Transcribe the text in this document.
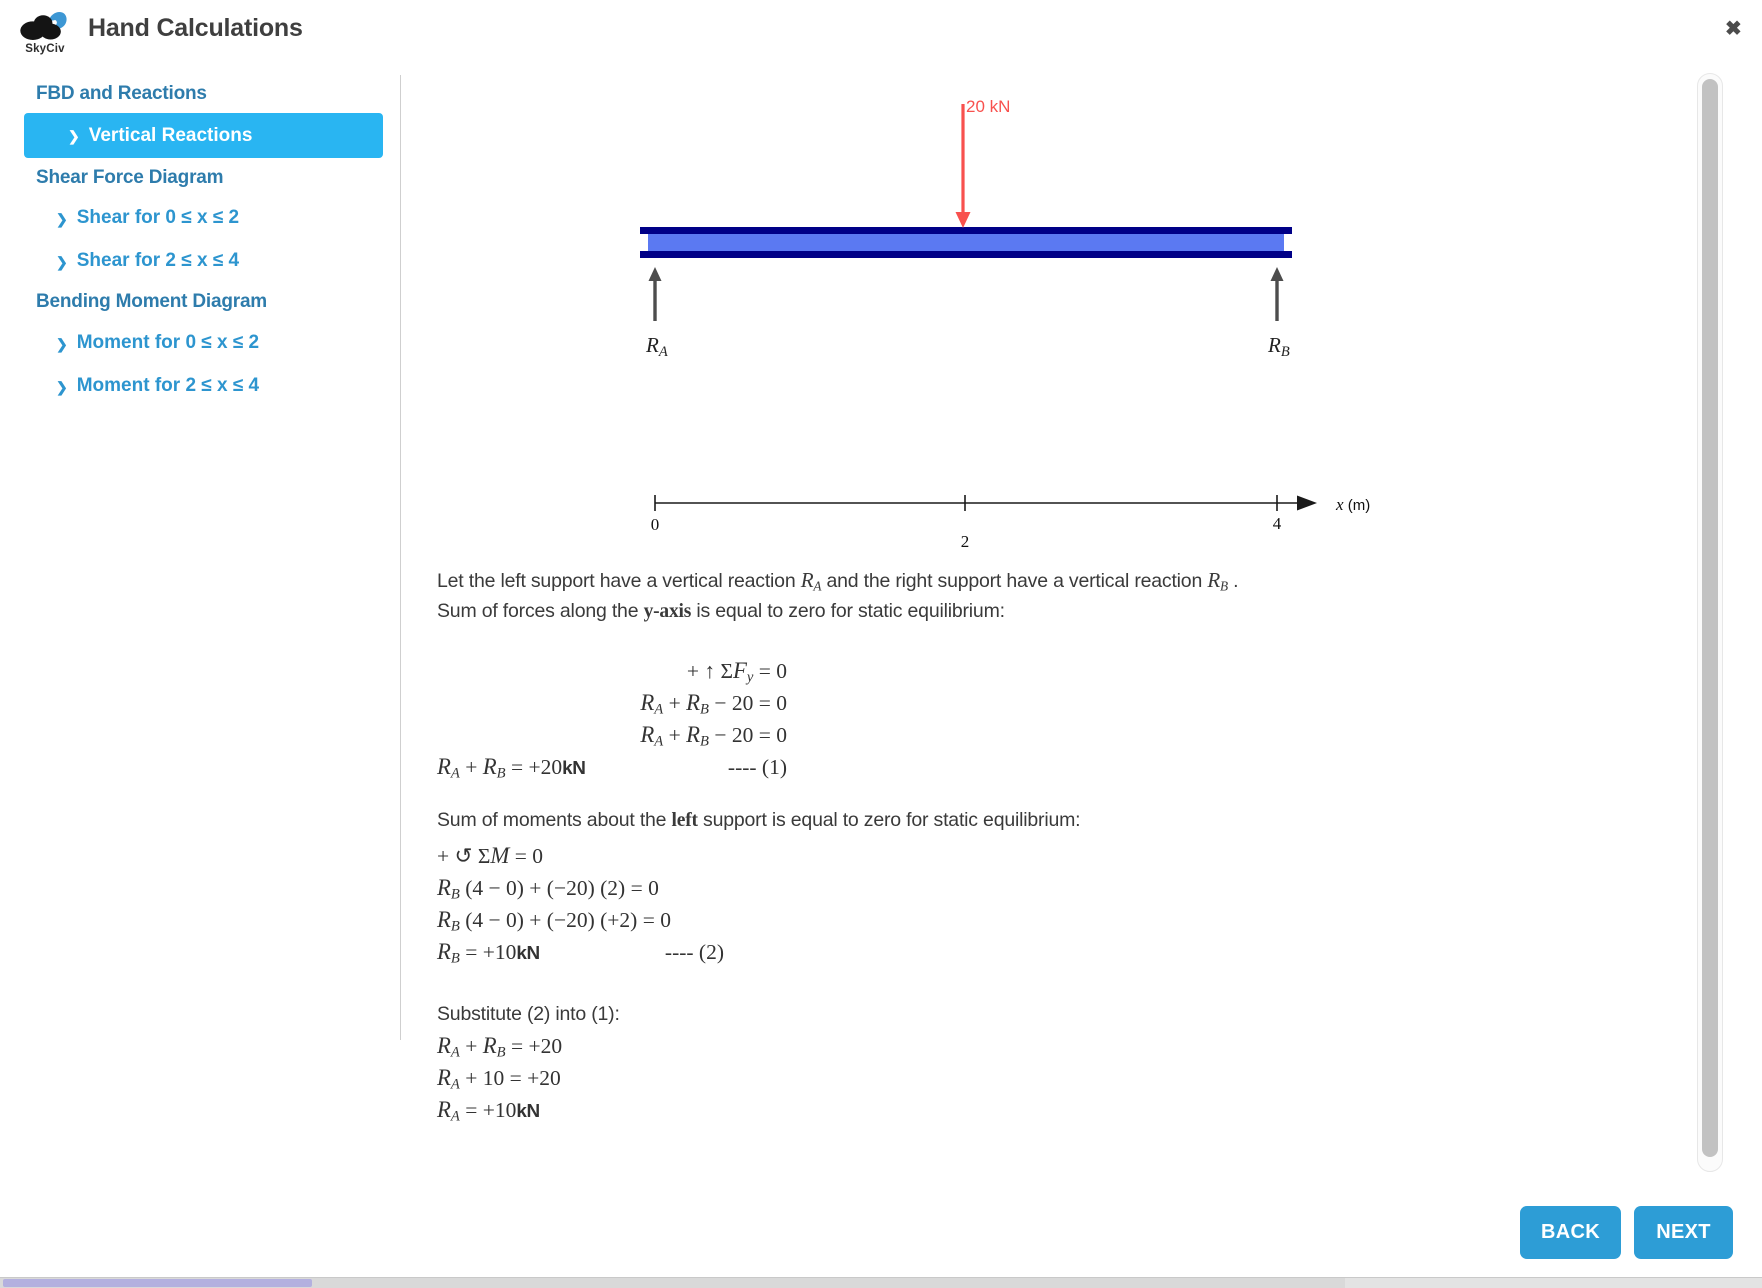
SkyCiv
Hand Calculations	✖
FBD and Reactions
❯ Vertical Reactions
Shear Force Diagram
❯ Shear for 0 ≤ x ≤ 2
❯ Shear for 2 ≤ x ≤ 4
Bending Moment Diagram
❯ Moment for 0 ≤ x ≤ 2
❯ Moment for 2 ≤ x ≤ 4
20 kN
RA	RB
0
2
4
x (m)
Let the left support have a vertical reaction RA and the right support have a vertical reaction RB .
Sum of forces along the y-axis is equal to zero for static equilibrium:
+ ↑ ΣFy = 0
RA + RB − 20 = 0
RA + RB − 20 = 0
RA + RB = +20kN	---- (1)
Sum of moments about the left support is equal to zero for static equilibrium:
+ ↺ ΣM = 0
RB (4 − 0) + (−20) (2) = 0
RB (4 − 0) + (−20) (+2) = 0
RB = +10kN	---- (2)
Substitute (2) into (1):
RA + RB = +20
RA + 10 = +20
RA = +10kN
BACK	NEXT
